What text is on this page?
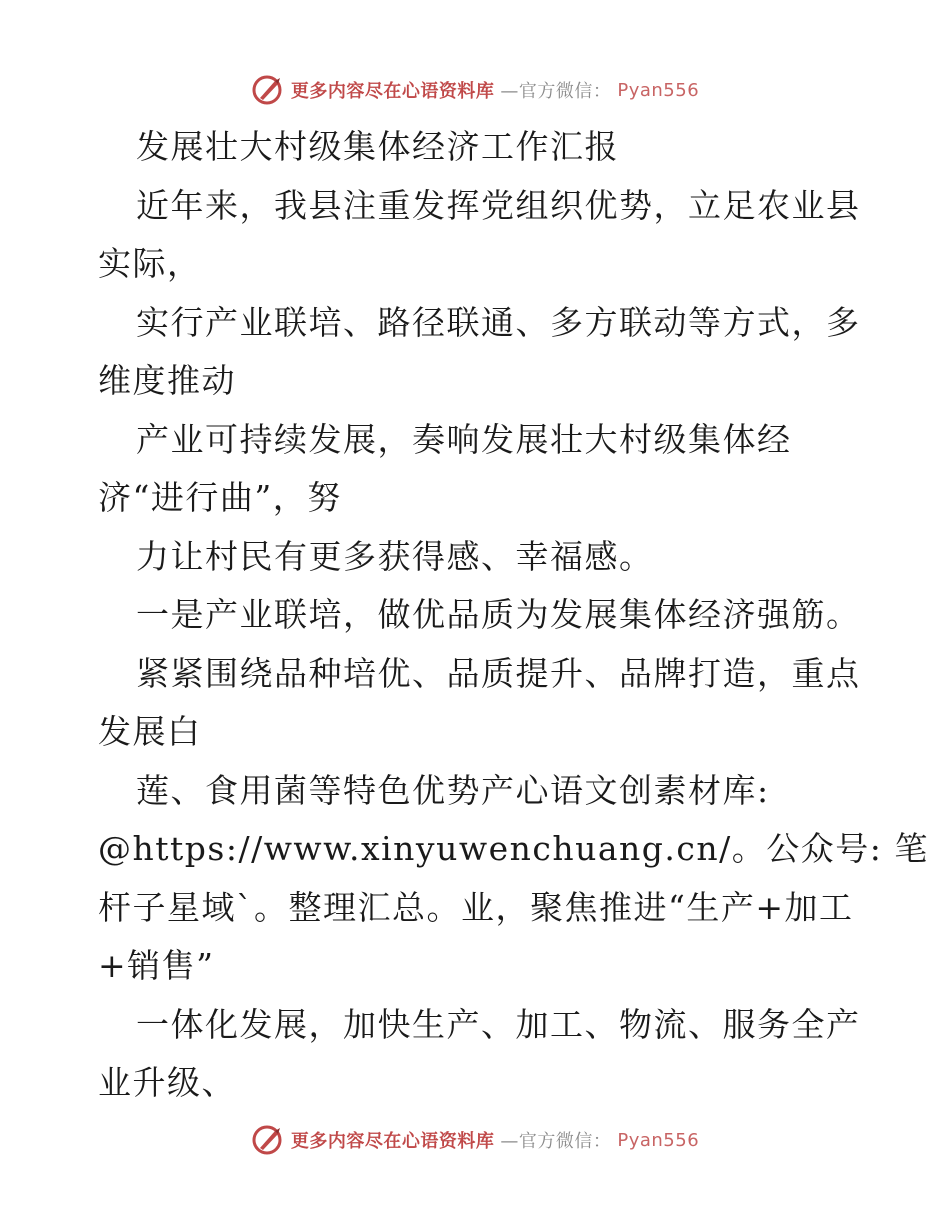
更多内容尽在心语资料库 —官方微信： Pyan556
发展壮大村级集体经济工作汇报
近年来，我县注重发挥党组织优势，立足农业县
实际，
实行产业联培、路径联通、多方联动等方式，多
维度推动
产业可持续发展，奏响发展壮大村级集体经
济“进行曲”，努
力让村民有更多获得感、幸福感。
一是产业联培，做优品质为发展集体经济强筋。
紧紧围绕品种培优、品质提升、品牌打造，重点
发展白
莲、食用菌等特色优势产心语文创素材库:
@https://www.xinyuwenchuang.cn/。公众号: 笔
杆子星域`。整理汇总。业，聚焦推进“生产+加工
+销售”
一体化发展，加快生产、加工、物流、服务全产
业升级、
更多内容尽在心语资料库 —官方微信： Pyan556
